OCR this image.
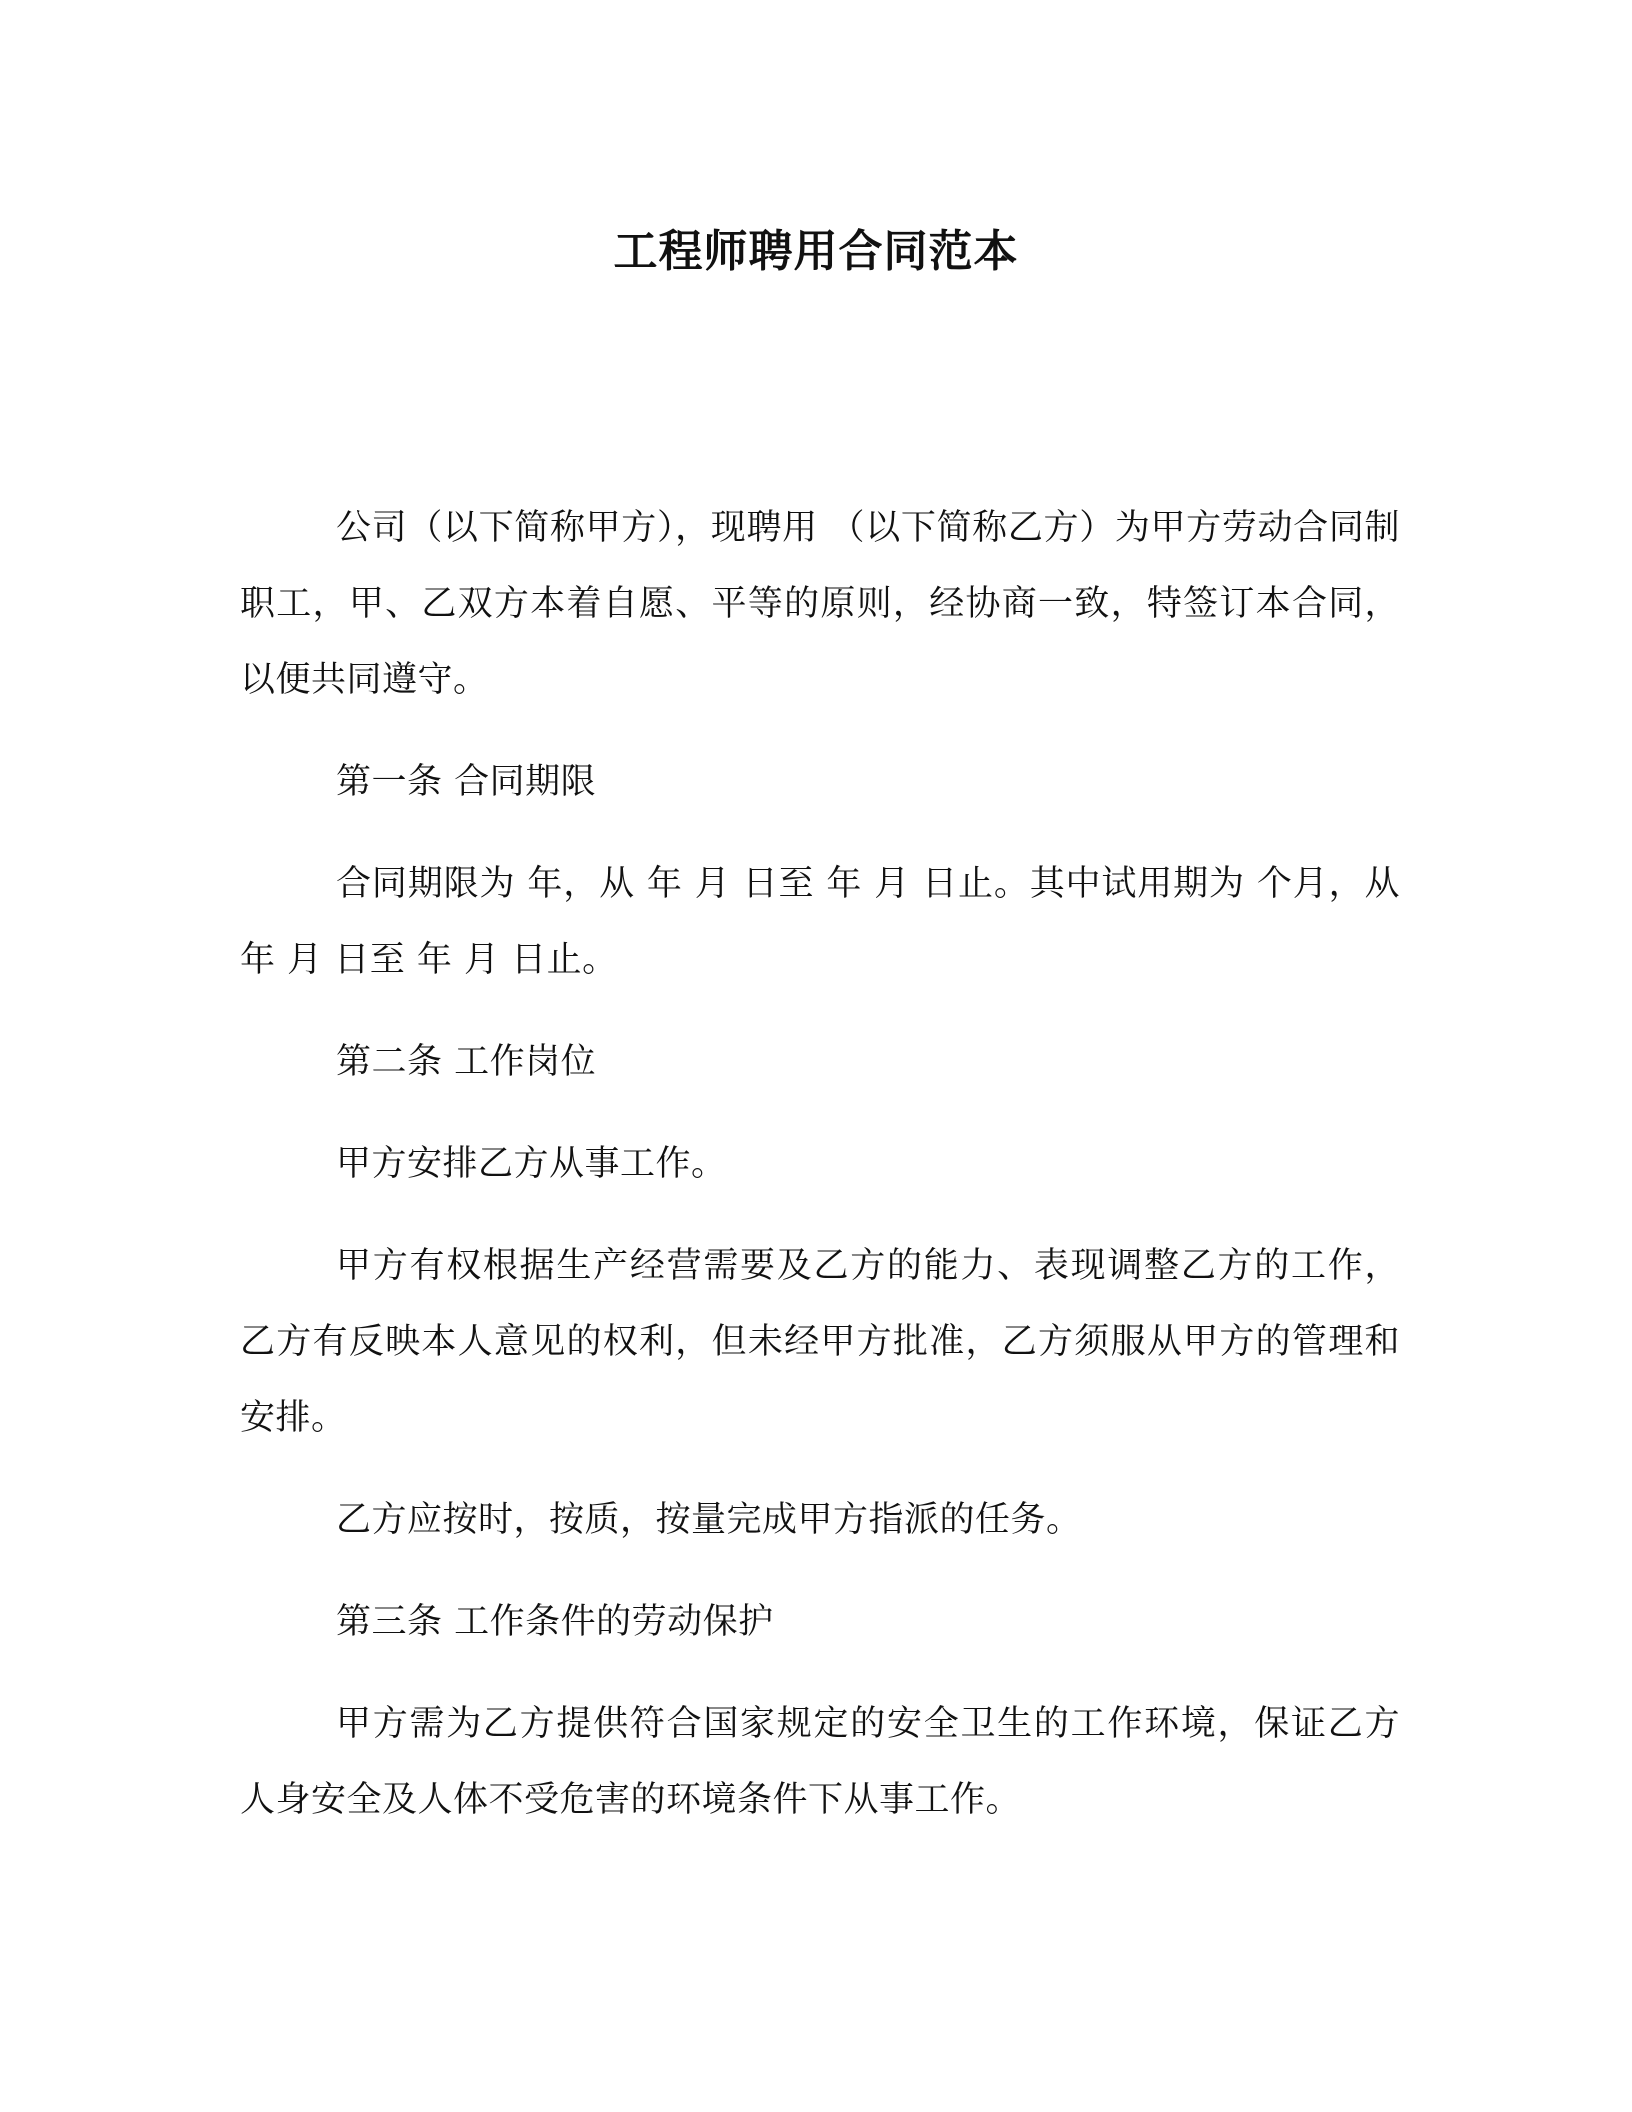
工程师聘用合同范本

公司（以下简称甲方），现聘用 （以下简称乙方）为甲方劳动合同制职工，甲、乙双方本着自愿、平等的原则，经协商一致，特签订本合同，以便共同遵守。

第一条 合同期限

合同期限为 年，从 年 月 日至 年 月 日止。其中试用期为 个月，从 年 月 日至 年 月 日止。

第二条 工作岗位

甲方安排乙方从事工作。

甲方有权根据生产经营需要及乙方的能力、表现调整乙方的工作，乙方有反映本人意见的权利，但未经甲方批准，乙方须服从甲方的管理和安排。

乙方应按时，按质，按量完成甲方指派的任务。

第三条 工作条件的劳动保护

甲方需为乙方提供符合国家规定的安全卫生的工作环境，保证乙方人身安全及人体不受危害的环境条件下从事工作。
